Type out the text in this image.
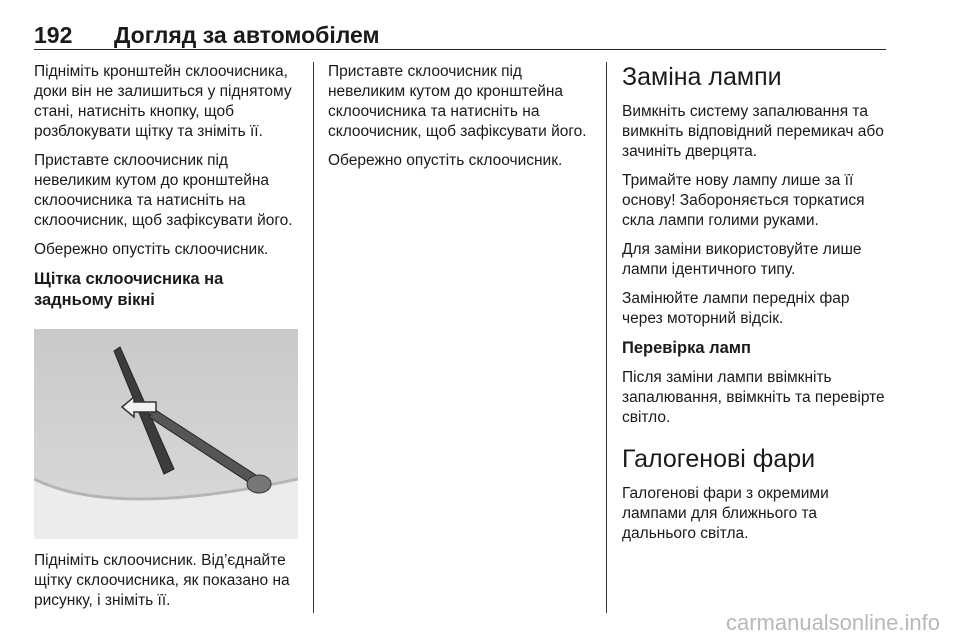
192 Догляд за автомобілем

Підніміть кронштейн склоочисника, доки він не залишиться у піднятому стані, натисніть кнопку, щоб розблокувати щітку та зніміть її.

Приставте склоочисник під невеликим кутом до кронштейна склоочисника та натисніть на склоочисник, щоб зафіксувати його.

Обережно опустіть склоочисник.

Щітка склоочисника на задньому вікні

Підніміть склоочисник. Від’єднайте щітку склоочисника, як показано на рисунку, і зніміть її.

Приставте склоочисник під невеликим кутом до кронштейна склоочисника та натисніть на склоочисник, щоб зафіксувати його.

Обережно опустіть склоочисник.

Заміна лампи

Вимкніть систему запалювання та вимкніть відповідний перемикач або зачиніть дверцята.

Тримайте нову лампу лише за її основу! Забороняється торкатися скла лампи голими руками.

Для заміни використовуйте лише лампи ідентичного типу.

Замінюйте лампи передніх фар через моторний відсік.

Перевірка ламп

Після заміни лампи ввімкніть запалювання, ввімкніть та перевірте світло.

Галогенові фари

Галогенові фари з окремими лампами для ближнього та дальнього світла.

carmanualsonline.info
